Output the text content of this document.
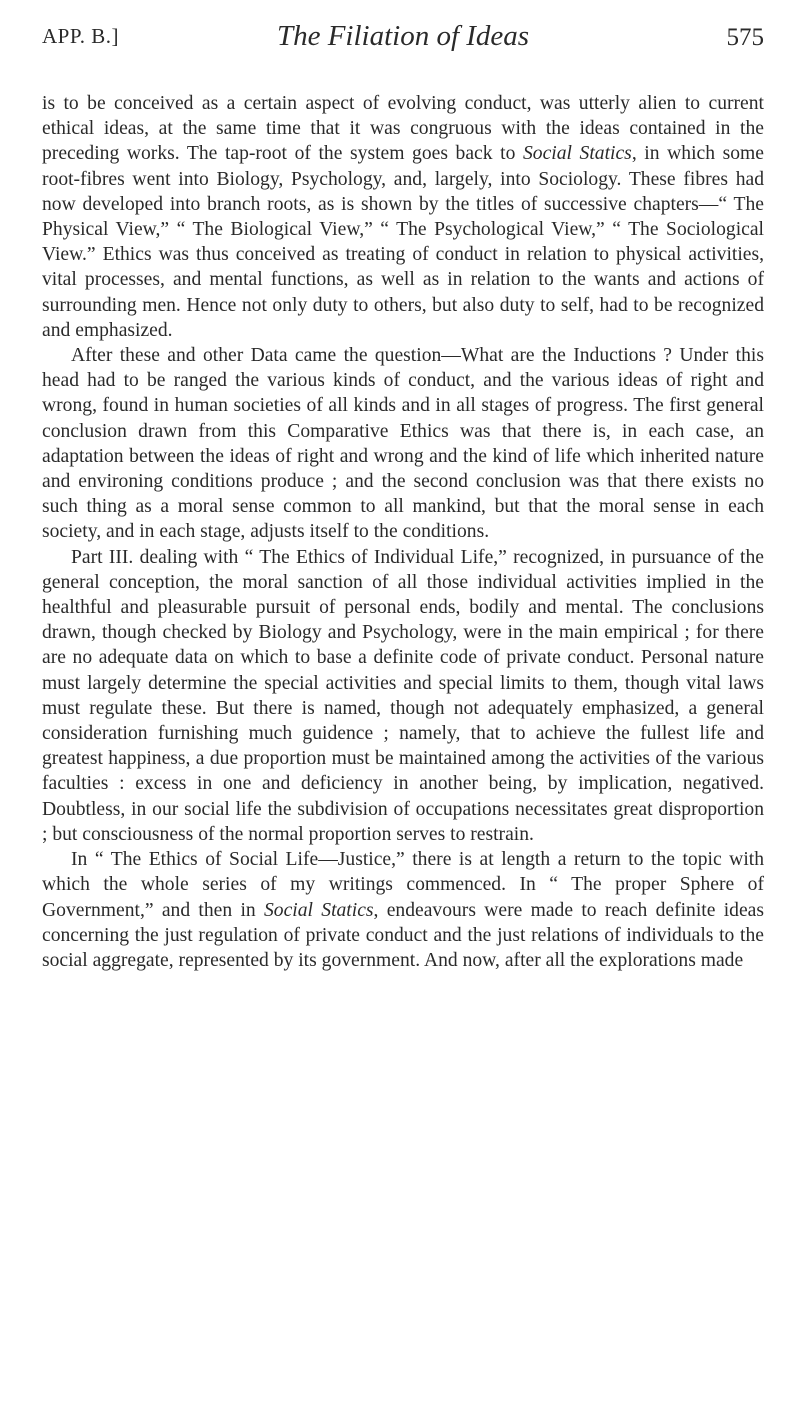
APP. B.]	The Filiation of Ideas	575

is to be conceived as a certain aspect of evolving conduct, was utterly alien to current ethical ideas, at the same time that it was congruous with the ideas contained in the preceding works. The tap-root of the system goes back to Social Statics, in which some root-fibres went into Biology, Psychology, and, largely, into Sociology. These fibres had now developed into branch roots, as is shown by the titles of successive chapters—“ The Physical View,” “ The Biological View,” “ The Psychological View,” “ The Sociological View.” Ethics was thus conceived as treating of conduct in relation to physical activities, vital processes, and mental functions, as well as in relation to the wants and actions of surrounding men. Hence not only duty to others, but also duty to self, had to be recognized and emphasized.

After these and other Data came the question—What are the Inductions ? Under this head had to be ranged the various kinds of conduct, and the various ideas of right and wrong, found in human societies of all kinds and in all stages of progress. The first general conclusion drawn from this Comparative Ethics was that there is, in each case, an adaptation between the ideas of right and wrong and the kind of life which inherited nature and environing conditions produce ; and the second conclusion was that there exists no such thing as a moral sense common to all mankind, but that the moral sense in each society, and in each stage, adjusts itself to the conditions.

Part III. dealing with “ The Ethics of Individual Life,” recognized, in pursuance of the general conception, the moral sanction of all those individual activities implied in the healthful and pleasurable pursuit of personal ends, bodily and mental. The conclusions drawn, though checked by Biology and Psychology, were in the main empirical ; for there are no adequate data on which to base a definite code of private conduct. Personal nature must largely determine the special activities and special limits to them, though vital laws must regulate these. But there is named, though not adequately emphasized, a general consideration furnishing much guidence ; namely, that to achieve the fullest life and greatest happiness, a due proportion must be maintained among the activities of the various faculties : excess in one and deficiency in another being, by implication, negatived. Doubtless, in our social life the subdivision of occupations necessitates great disproportion ; but consciousness of the normal proportion serves to restrain.

In “ The Ethics of Social Life—Justice,” there is at length a return to the topic with which the whole series of my writings commenced. In “ The proper Sphere of Government,” and then in Social Statics, endeavours were made to reach definite ideas concerning the just regulation of private conduct and the just relations of individuals to the social aggregate, represented by its government. And now, after all the explorations made
